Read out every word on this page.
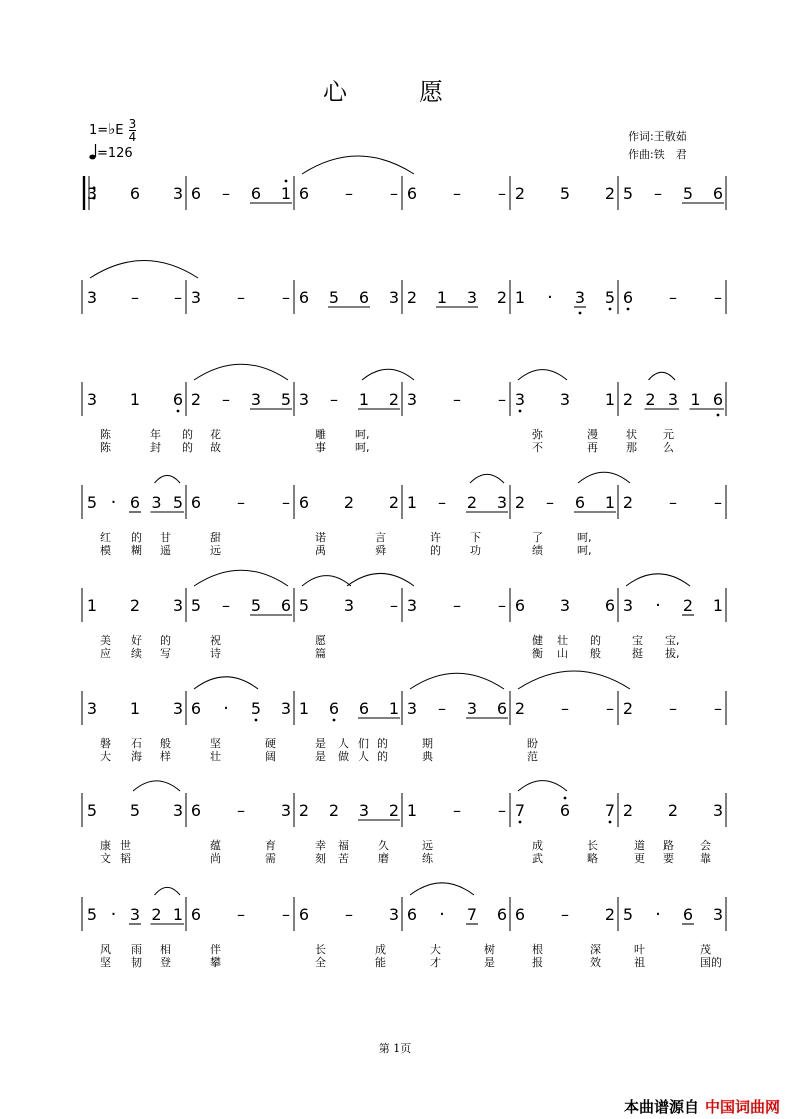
心　愿
1=♭E $\frac{3}{4}$
=126
作词:王敬茹
作曲:铁　君
3 6 3 6 – 6 1 6 – – 6 – – 2 5 2 5 – 5 6
3 – – 3 – – 6 5 6 3 2 1 3 2 1 · 3 5 6 – –
3 1 6 2 – 3 5 3 – 1 2 3 – – 3 3 1 2 2 3 1 6
陈	年 的 花	雕	呵,	弥	漫	状 元
陈	封 的 故	事	呵,	不	再	那 么
5 · 6 3 5 6 – – 6 2 2 1 – 2 3 2 – 6 1 2 – –
红 的 甘	甜	诺	言	许	下	了	呵,
模 糊 遥	远	禹	舜	的	功	绩	呵,
1 2 3 5 – 5 6 5 3 – 3 – – 6 3 6 3 · 2 1
美 好 的	祝	愿	健 壮 的	宝 宝,
应 续 写	诗	篇	衡 山 般	挺 拔,
3 1 3 6 · 5 3 1 6 6 1 3 – 3 6 2 – – 2 – –
磐 石 般	坚	硬	是 人 们 的	期	盼
大 海 样	壮	阔	是 做 人 的	典	范
5 5 3 6 – 3 2 2 3 2 1 – – 7 6 7 2 2 3
康 世	蕴	育	幸 福	久	远	成	长	道 路 会
文 韬	尚	需	刻 苦	磨	练	武	略	更 要 靠
5 · 3 2 1 6 – – 6 – 3 6 · 7 6 6 – 2 5 · 6 3
风 雨 相	伴	长	成	大	树	根	深	叶	茂
坚 韧 登	攀	全	能	才	是	报	效	祖	国的
第 1页
本曲谱源自 中国词曲网
